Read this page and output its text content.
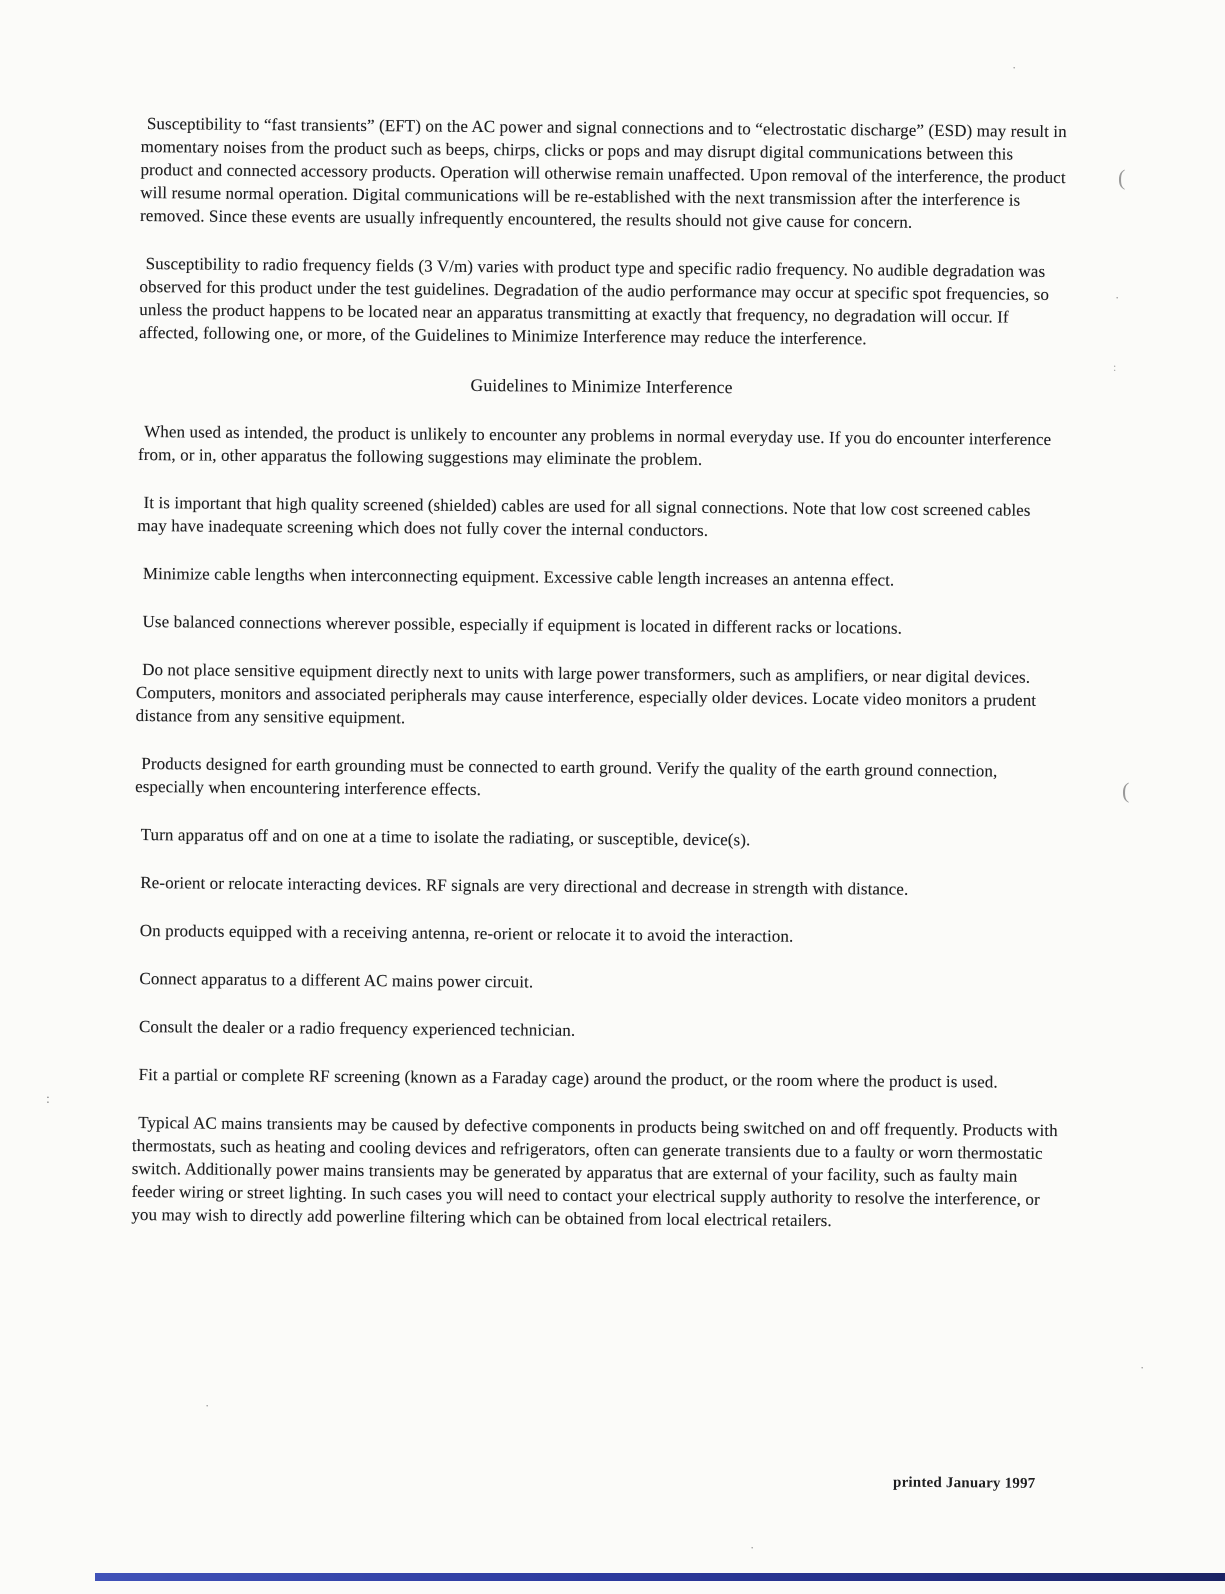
Susceptibility to “fast transients” (EFT) on the AC power and signal connections and to “electrostatic discharge” (ESD) may result in momentary noises from the product such as beeps, chirps, clicks or pops and may disrupt digital communications between this product and connected accessory products. Operation will otherwise remain unaffected. Upon removal of the interference, the product will resume normal operation. Digital communications will be re-established with the next transmission after the interference is removed. Since these events are usually infrequently encountered, the results should not give cause for concern.

Susceptibility to radio frequency fields (3 V/m) varies with product type and specific radio frequency. No audible degradation was observed for this product under the test guidelines. Degradation of the audio performance may occur at specific spot frequencies, so unless the product happens to be located near an apparatus transmitting at exactly that frequency, no degradation will occur. If affected, following one, or more, of the Guidelines to Minimize Interference may reduce the interference.

Guidelines to Minimize Interference

When used as intended, the product is unlikely to encounter any problems in normal everyday use. If you do encounter interference from, or in, other apparatus the following suggestions may eliminate the problem.

It is important that high quality screened (shielded) cables are used for all signal connections. Note that low cost screened cables may have inadequate screening which does not fully cover the internal conductors.

Minimize cable lengths when interconnecting equipment. Excessive cable length increases an antenna effect.

Use balanced connections wherever possible, especially if equipment is located in different racks or locations.

Do not place sensitive equipment directly next to units with large power transformers, such as amplifiers, or near digital devices. Computers, monitors and associated peripherals may cause interference, especially older devices. Locate video monitors a prudent distance from any sensitive equipment.

Products designed for earth grounding must be connected to earth ground. Verify the quality of the earth ground connection, especially when encountering interference effects.

Turn apparatus off and on one at a time to isolate the radiating, or susceptible, device(s).

Re-orient or relocate interacting devices. RF signals are very directional and decrease in strength with distance.

On products equipped with a receiving antenna, re-orient or relocate it to avoid the interaction.

Connect apparatus to a different AC mains power circuit.

Consult the dealer or a radio frequency experienced technician.

Fit a partial or complete RF screening (known as a Faraday cage) around the product, or the room where the product is used.

Typical AC mains transients may be caused by defective components in products being switched on and off frequently. Products with thermostats, such as heating and cooling devices and refrigerators, often can generate transients due to a faulty or worn thermostatic switch. Additionally power mains transients may be generated by apparatus that are external of your facility, such as faulty main feeder wiring or street lighting. In such cases you will need to contact your electrical supply authority to resolve the interference, or you may wish to directly add powerline filtering which can be obtained from local electrical retailers.

printed January 1997
(
(
:
:
·
·
·
·
·
